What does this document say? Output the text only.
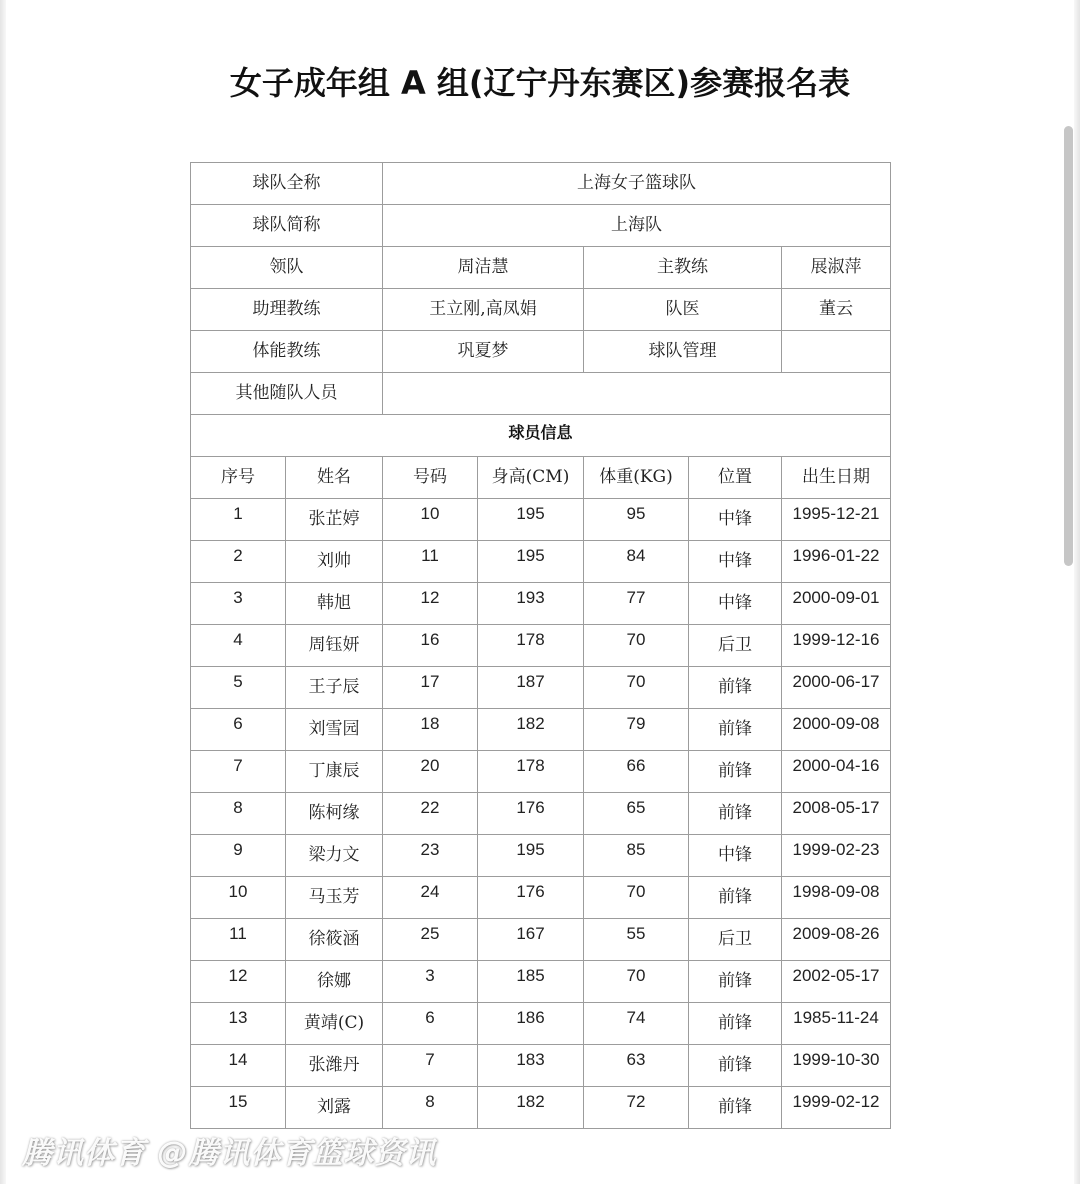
女子成年组 A 组(辽宁丹东赛区)参赛报名表
球队全称		上海女子篮球队				
球队简称		上海队				
领队		周洁慧		主教练		展淑萍
助理教练		王立刚,高凤娟		队医		董云
体能教练		巩夏梦		球队管理		
其他随队人员						
球员信息						
序号	姓名	号码	身高(CM)	体重(KG)	位置	出生日期
1	张芷婷	10	195	95	中锋	1995-12-21
2	刘帅	11	195	84	中锋	1996-01-22
3	韩旭	12	193	77	中锋	2000-09-01
4	周钰妍	16	178	70	后卫	1999-12-16
5	王子辰	17	187	70	前锋	2000-06-17
6	刘雪园	18	182	79	前锋	2000-09-08
7	丁康辰	20	178	66	前锋	2000-04-16
8	陈柯缘	22	176	65	前锋	2008-05-17
9	梁力文	23	195	85	中锋	1999-02-23
10	马玉芳	24	176	70	前锋	1998-09-08
11	徐筱涵	25	167	55	后卫	2009-08-26
12	徐娜	3	185	70	前锋	2002-05-17
13	黄靖(C)	6	186	74	前锋	1985-11-24
14	张潍丹	7	183	63	前锋	1999-10-30
15	刘露	8	182	72	前锋	1999-02-12
腾讯体育 @腾讯体育篮球资讯
